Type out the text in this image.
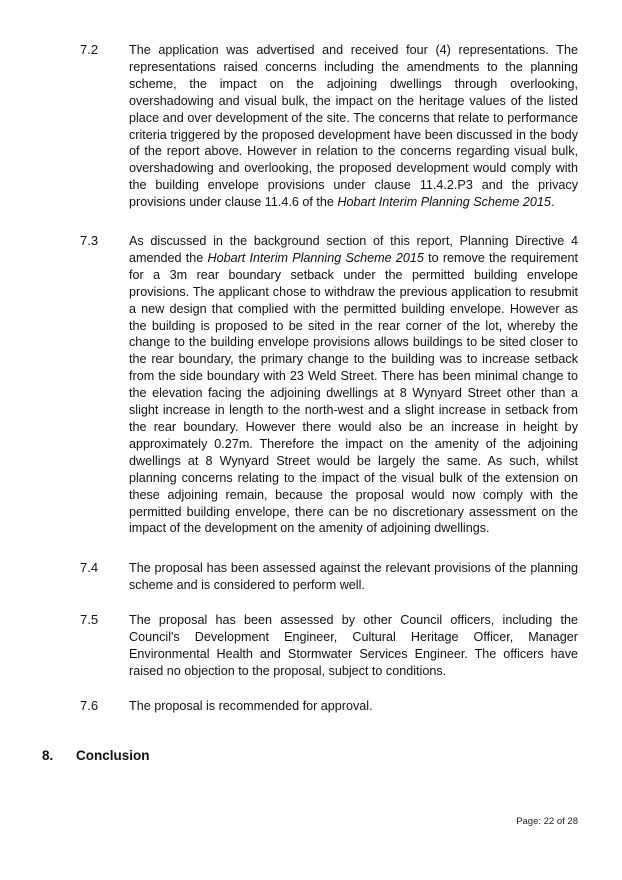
7.2 The application was advertised and received four (4) representations. The representations raised concerns including the amendments to the planning scheme, the impact on the adjoining dwellings through overlooking, overshadowing and visual bulk, the impact on the heritage values of the listed place and over development of the site. The concerns that relate to performance criteria triggered by the proposed development have been discussed in the body of the report above. However in relation to the concerns regarding visual bulk, overshadowing and overlooking, the proposed development would comply with the building envelope provisions under clause 11.4.2.P3 and the privacy provisions under clause 11.4.6 of the Hobart Interim Planning Scheme 2015.

7.3 As discussed in the background section of this report, Planning Directive 4 amended the Hobart Interim Planning Scheme 2015 to remove the requirement for a 3m rear boundary setback under the permitted building envelope provisions. The applicant chose to withdraw the previous application to resubmit a new design that complied with the permitted building envelope. However as the building is proposed to be sited in the rear corner of the lot, whereby the change to the building envelope provisions allows buildings to be sited closer to the rear boundary, the primary change to the building was to increase setback from the side boundary with 23 Weld Street. There has been minimal change to the elevation facing the adjoining dwellings at 8 Wynyard Street other than a slight increase in length to the north-west and a slight increase in setback from the rear boundary. However there would also be an increase in height by approximately 0.27m. Therefore the impact on the amenity of the adjoining dwellings at 8 Wynyard Street would be largely the same. As such, whilst planning concerns relating to the impact of the visual bulk of the extension on these adjoining remain, because the proposal would now comply with the permitted building envelope, there can be no discretionary assessment on the impact of the development on the amenity of adjoining dwellings.

7.4 The proposal has been assessed against the relevant provisions of the planning scheme and is considered to perform well.

7.5 The proposal has been assessed by other Council officers, including the Council's Development Engineer, Cultural Heritage Officer, Manager Environmental Health and Stormwater Services Engineer. The officers have raised no objection to the proposal, subject to conditions.

7.6 The proposal is recommended for approval.

8. Conclusion
Page: 22 of 28
